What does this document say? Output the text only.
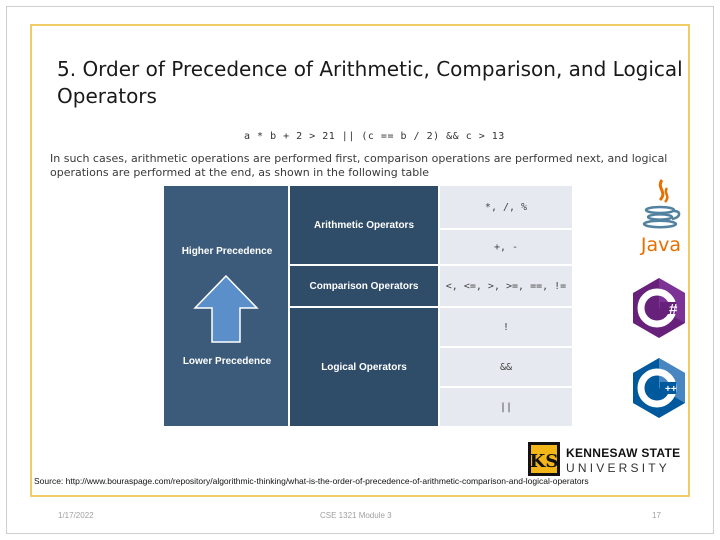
5. Order of Precedence of Arithmetic, Comparison, and Logical Operators
a * b + 2 > 21 || (c == b / 2) && c > 13
In such cases, arithmetic operations are performed first, comparison operations are performed next, and logical operations are performed at the end, as shown in the following table
Higher Precedence
Lower Precedence
Arithmetic Operators
Comparison Operators
Logical Operators
*, /, %
+, -
<, <=, >, >=, ==, !=
!
&&
||
Java
#
++
KS KENNESAW STATE
UNIVERSITY
Source: http://www.bouraspage.com/repository/algorithmic-thinking/what-is-the-order-of-precedence-of-arithmetic-comparison-and-logical-operators
1/17/2022	CSE 1321 Module 3	17
